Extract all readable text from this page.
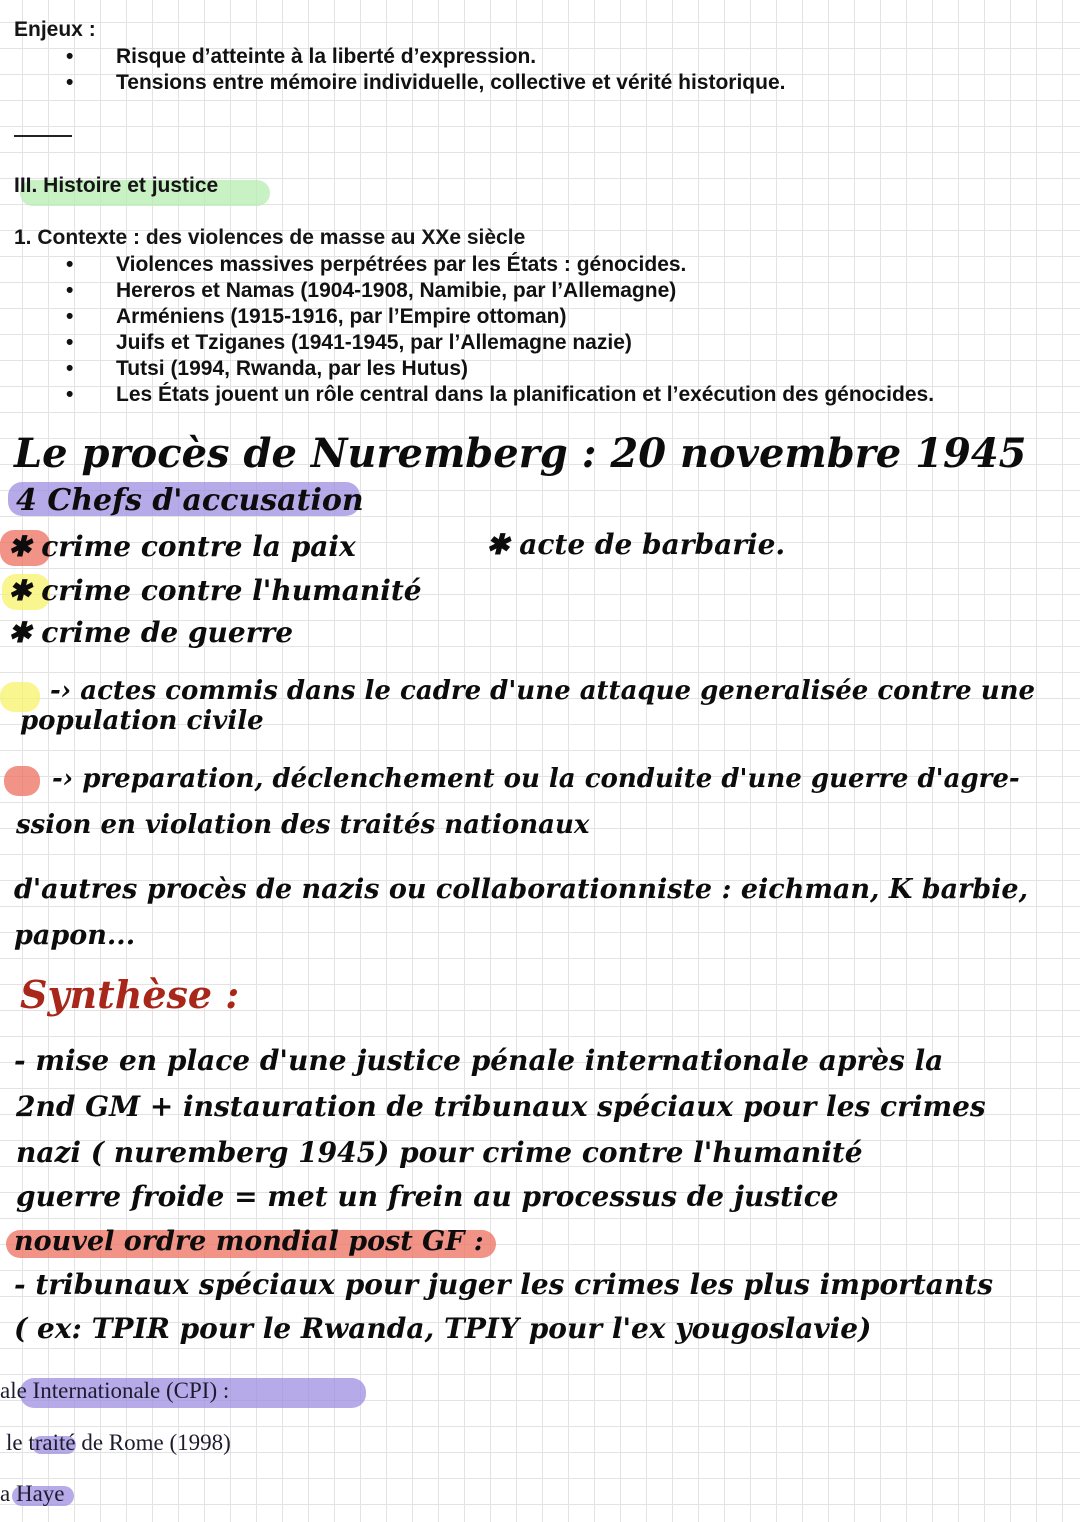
Enjeux :
• Risque d’atteinte à la liberté d’expression.
• Tensions entre mémoire individuelle, collective et vérité historique.
III. Histoire et justice
1. Contexte : des violences de masse au XXe siècle
• Violences massives perpétrées par les États : génocides.
• Hereros et Namas (1904-1908, Namibie, par l’Allemagne)
• Arméniens (1915-1916, par l’Empire ottoman)
• Juifs et Tziganes (1941-1945, par l’Allemagne nazie)
• Tutsi (1994, Rwanda, par les Hutus)
• Les États jouent un rôle central dans la planification et l’exécution des génocides.
Le procès de Nuremberg : 20 novembre 1945
4 Chefs d'accusation
✱ crime contre la paix	✱ acte de barbarie.
✱ crime contre l'humanité
✱ crime de guerre
-› actes commis dans le cadre d'une attaque generalisée contre une
population civile
-› preparation, déclenchement ou la conduite d'une guerre d'agre-
ssion en violation des traités nationaux
d'autres procès de nazis ou collaborationniste : eichman, K barbie,
papon...
Synthèse :
- mise en place d'une justice pénale internationale après la
2nd GM + instauration de tribunaux spéciaux pour les crimes
nazi ( nuremberg 1945) pour crime contre l'humanité
guerre froide = met un frein au processus de justice
nouvel ordre mondial post GF :
- tribunaux spéciaux pour juger les crimes les plus importants
( ex: TPIR pour le Rwanda, TPIY pour l'ex yougoslavie)
ale Internationale (CPI) :
le traité de Rome (1998)
a Haye
